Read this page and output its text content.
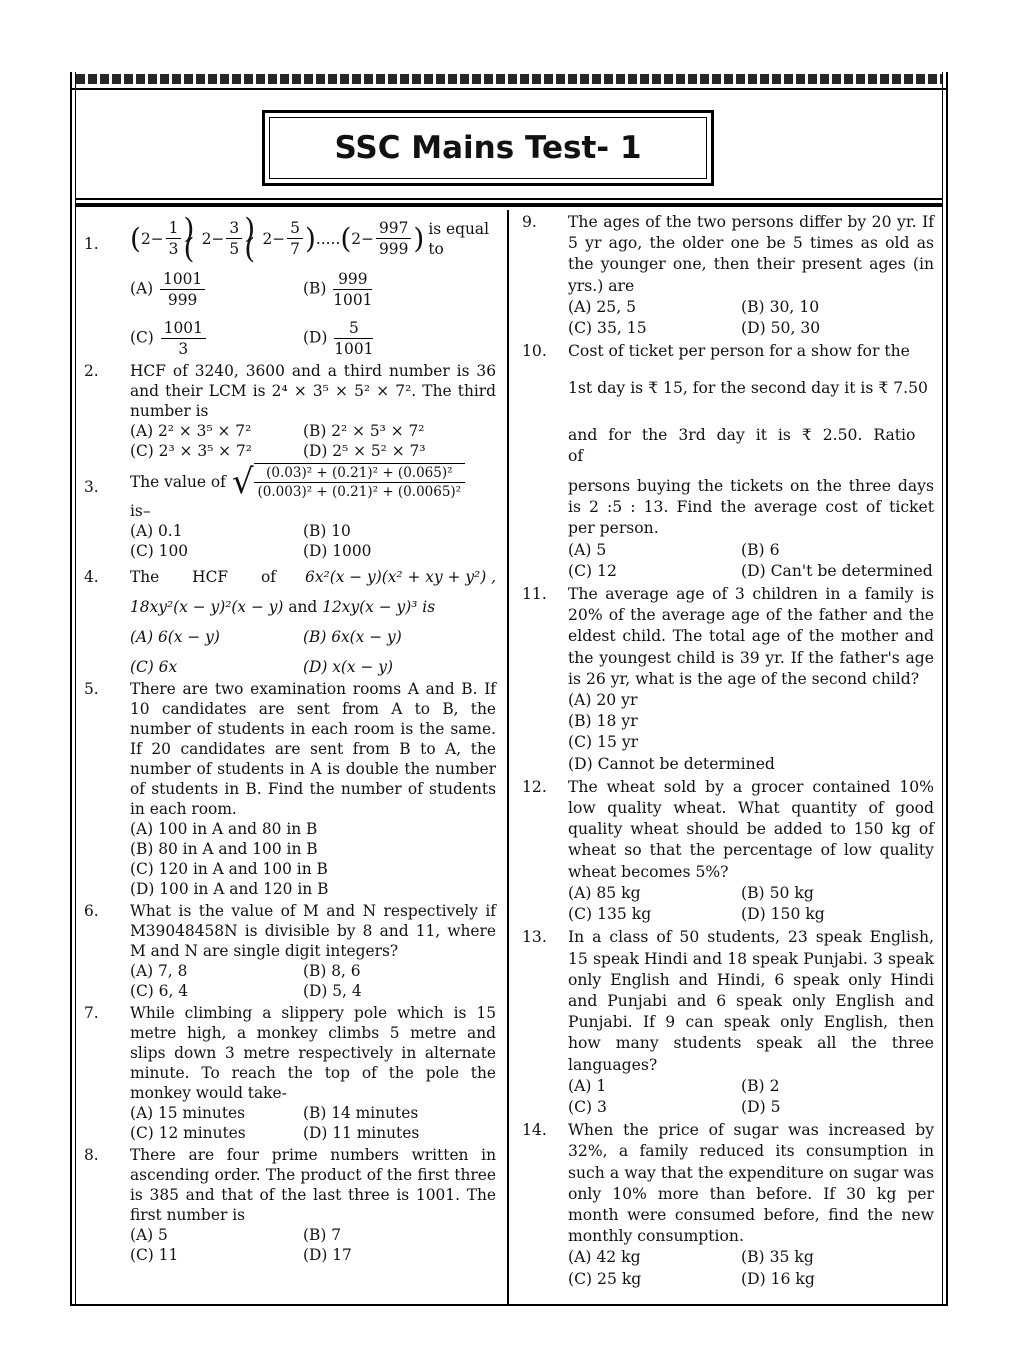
SSC Mains Test- 1
1. ( $2- \frac{1}{3}$ )( $2- \frac{3}{5}$ )( $2- \frac{5}{7}$ ) ..... ( $2- \frac{997}{999}$ ) is equal to
$(A) \frac{1001}{999}$	$(B) \frac{999}{1001}$
$(C) \frac{1001}{3}$	$(D) \frac{5}{1001}$
2. HCF of 3240, 3600 and a third number is 36 and their LCM is 2⁴ × 3⁵ × 5² × 7². The third number is
(A) 2² × 3⁵ × 7²	(B) 2² × 5³ × 7²
(C) 2³ × 3⁵ × 7²	(D) 2⁵ × 5² × 7³
3. The value of √ (0.03)² + (0.21)² + (0.065)²
(0.003)² + (0.21)² + (0.0065)²
is–
(A) 0.1	(B) 10
(C) 100	(D) 1000
4. The HCF of 6x²(x − y)(x² + xy + y²) ,
18xy²(x − y)²(x − y) and 12xy(x − y)³ is
(A) 6(x − y)	(B) 6x(x − y)
(C) 6x	(D) x(x − y)
5. There are two examination rooms A and B. If 10 candidates are sent from A to B, the number of students in each room is the same. If 20 candidates are sent from B to A, the number of students in A is double the number of students in B. Find the number of students in each room.
(A) 100 in A and 80 in B
(B) 80 in A and 100 in B
(C) 120 in A and 100 in B
(D) 100 in A and 120 in B
6. What is the value of M and N respectively if M39048458N is divisible by 8 and 11, where M and N are single digit integers?
(A) 7, 8	(B) 8, 6
(C) 6, 4	(D) 5, 4
7. While climbing a slippery pole which is 15 metre high, a monkey climbs 5 metre and slips down 3 metre respectively in alternate minute. To reach the top of the pole the monkey would take-
(A) 15 minutes	(B) 14 minutes
(C) 12 minutes	(D) 11 minutes
8. There are four prime numbers written in ascending order. The product of the first three is 385 and that of the last three is 1001. The first number is
(A) 5	(B) 7
(C) 11	(D) 17
9. The ages of the two persons differ by 20 yr. If 5 yr ago, the older one be 5 times as old as the younger one, then their present ages (in yrs.) are
(A) 25, 5	(B) 30, 10
(C) 35, 15	(D) 50, 30
10. Cost of ticket per person for a show for the
1st day is ₹ 15, for the second day it is ₹ 7.50
and for the 3rd day it is ₹ 2.50. Ratio of
persons buying the tickets on the three days is 2 :5 : 13. Find the average cost of ticket per person.
(A) 5	(B) 6
(C) 12	(D) Can't be determined
11. The average age of 3 children in a family is 20% of the average age of the father and the eldest child. The total age of the mother and the youngest child is 39 yr. If the father's age is 26 yr, what is the age of the second child?
(A) 20 yr
(B) 18 yr
(C) 15 yr
(D) Cannot be determined
12. The wheat sold by a grocer contained 10% low quality wheat. What quantity of good quality wheat should be added to 150 kg of wheat so that the percentage of low quality wheat becomes 5%?
(A) 85 kg	(B) 50 kg
(C) 135 kg	(D) 150 kg
13. In a class of 50 students, 23 speak English, 15 speak Hindi and 18 speak Punjabi. 3 speak only English and Hindi, 6 speak only Hindi and Punjabi and 6 speak only English and Punjabi. If 9 can speak only English, then how many students speak all the three languages?
(A) 1	(B) 2
(C) 3	(D) 5
14. When the price of sugar was increased by 32%, a family reduced its consumption in such a way that the expenditure on sugar was only 10% more than before. If 30 kg per month were consumed before, find the new monthly consumption.
(A) 42 kg	(B) 35 kg
(C) 25 kg	(D) 16 kg
